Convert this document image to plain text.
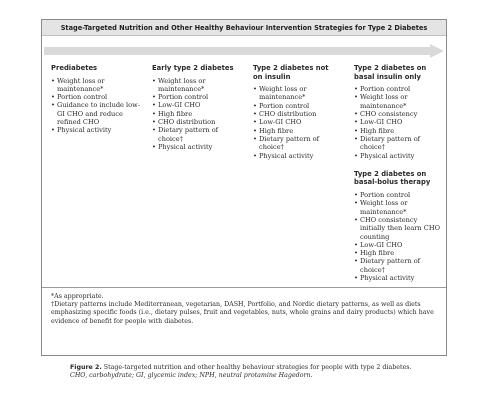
Stage-Targeted Nutrition and Other Healthy Behaviour Intervention Strategies for Type 2 Diabetes
Prediabetes
• Weight loss or maintenance*
• Portion control
• Guidance to include low-GI CHO and reduce refined CHO
• Physical activity
Early type 2 diabetes
• Weight loss or maintenance*
• Portion control
• Low-GI CHO
• High fibre
• CHO distribution
• Dietary pattern of choice†
• Physical activity
Type 2 diabetes not on insulin
• Weight loss or maintenance*
• Portion control
• CHO distribution
• Low-GI CHO
• High fibre
• Dietary pattern of choice†
• Physical activity
Type 2 diabetes on basal insulin only
• Portion control
• Weight loss or maintenance*
• CHO consistency
• Low-GI CHO
• High fibre
• Dietary pattern of choice†
• Physical activity
Type 2 diabetes on basal-bolus therapy
• Portion control
• Weight loss or maintenance*
• CHO consistency initially then learn CHO counting
• Low-GI CHO
• High fibre
• Dietary pattern of choice†
• Physical activity

*As appropriate.

†Dietary patterns include Mediterranean, vegetarian, DASH, Portfolio, and Nordic dietary patterns, as well as diets emphasizing specific foods (i.e., dietary pulses, fruit and vegetables, nuts, whole grains and dairy products) which have evidence of benefit for people with diabetes.

Figure 2. Stage-targeted nutrition and other healthy behaviour strategies for people with type 2 diabetes.
CHO, carbohydrate; GI, glycemic index; NPH, neutral protamine Hagedorn.
